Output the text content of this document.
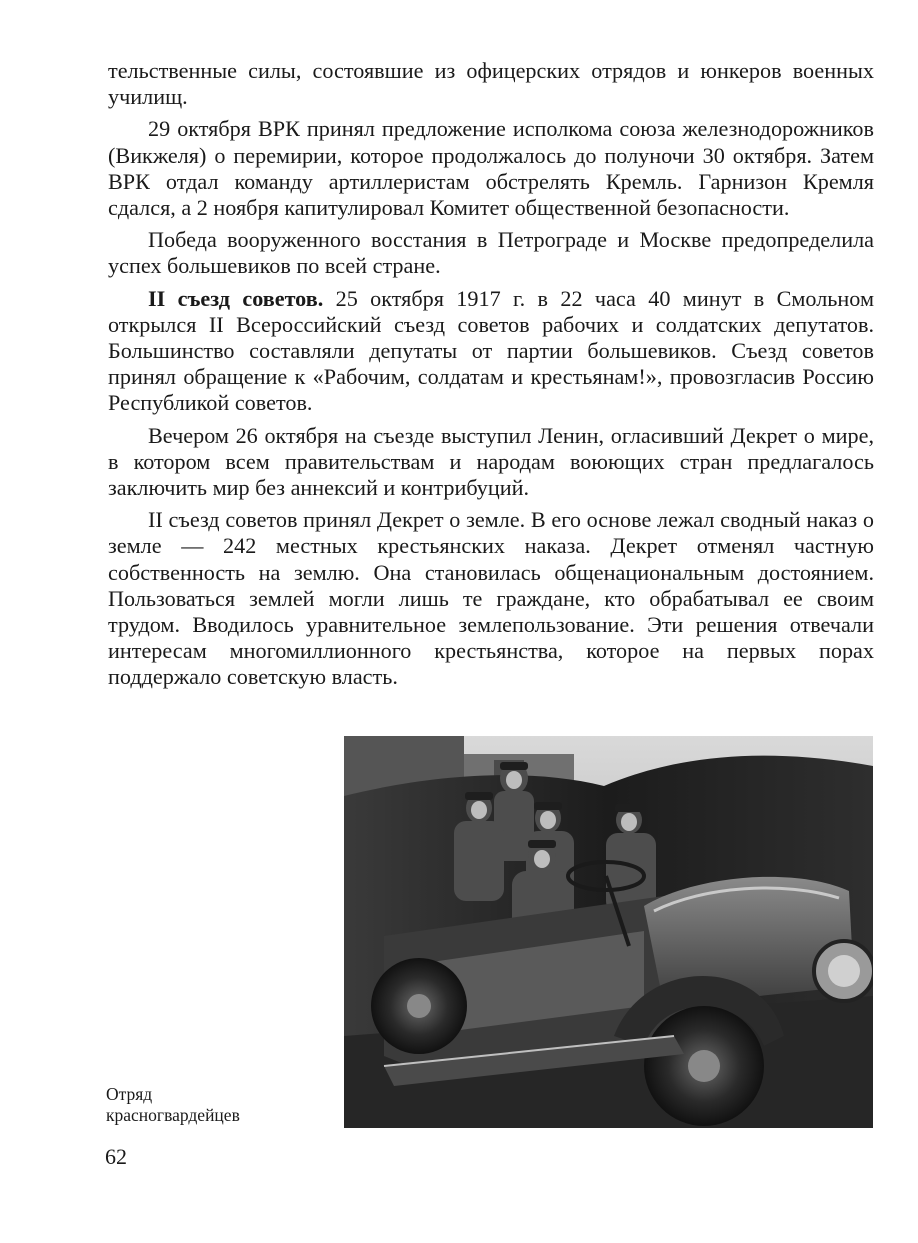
тельственные силы, состоявшие из офицерских отрядов и юнкеров военных училищ.

29 октября ВРК принял предложение исполкома союза железнодорожников (Викжеля) о перемирии, которое продолжалось до полуночи 30 октября. Затем ВРК отдал команду артиллеристам обстрелять Кремль. Гарнизон Кремля сдался, а 2 ноября капитулировал Комитет общественной безопасности.

Победа вооруженного восстания в Петрограде и Москве предопределила успех большевиков по всей стране.

II съезд советов. 25 октября 1917 г. в 22 часа 40 минут в Смольном открылся II Всероссийский съезд советов рабочих и солдатских депутатов. Большинство составляли депутаты от партии большевиков. Съезд советов принял обращение к «Рабочим, солдатам и крестьянам!», провозгласив Россию Республикой советов.

Вечером 26 октября на съезде выступил Ленин, огласивший Декрет о мире, в котором всем правительствам и народам воюющих стран предлагалось заключить мир без аннексий и контрибуций.

II съезд советов принял Декрет о земле. В его основе лежал сводный наказ о земле — 242 местных крестьянских наказа. Декрет отменял частную собственность на землю. Она становилась общенациональным достоянием. Пользоваться землей могли лишь те граждане, кто обрабатывал ее своим трудом. Вводилось уравнительное землепользование. Эти решения отвечали интересам многомиллионного крестьянства, которое на первых порах поддержало советскую власть.

Отряд
красногвардейцев
62
